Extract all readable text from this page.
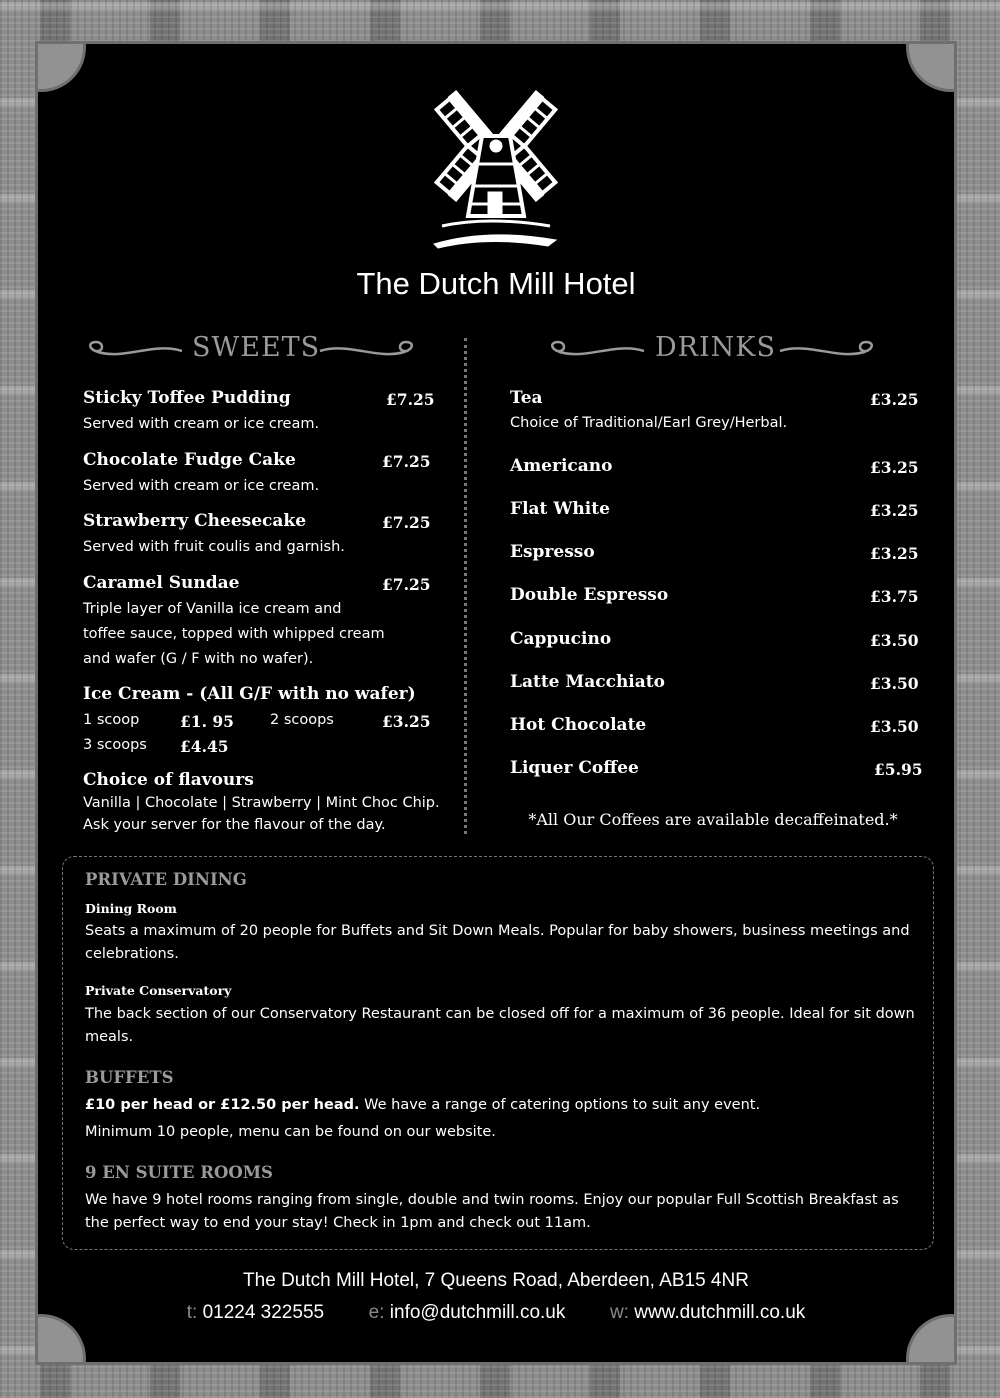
The Dutch Mill Hotel
SWEETS
Sticky Toffee Pudding	£7.25
Served with cream or ice cream.
Chocolate Fudge Cake	£7.25
Served with cream or ice cream.
Strawberry Cheesecake	£7.25
Served with fruit coulis and garnish.
Caramel Sundae	£7.25
Triple layer of Vanilla ice cream and
toffee sauce, topped with whipped cream
and wafer (G / F with no wafer).
Ice Cream - (All G/F with no wafer)
1 scoop	£1. 95 2 scoops	£3.25
3 scoops £4.45
Choice of flavours
Vanilla | Chocolate | Strawberry | Mint Choc Chip.
Ask your server for the flavour of the day.
DRINKS
Tea	£3.25
Choice of Traditional/Earl Grey/Herbal.
Americano	£3.25
Flat White	£3.25
Espresso	£3.25
Double Espresso	£3.75
Cappucino	£3.50
Latte Macchiato	£3.50
Hot Chocolate	£3.50
Liquer Coffee	£5.95
*All Our Coffees are available decaffeinated.*
PRIVATE DINING
Dining Room
Seats a maximum of 20 people for Buffets and Sit Down Meals. Popular for baby showers, business meetings and celebrations.
Private Conservatory
The back section of our Conservatory Restaurant can be closed off for a maximum of 36 people. Ideal for sit down meals.
BUFFETS
£10 per head or £12.50 per head. We have a range of catering options to suit any event.
Minimum 10 people, menu can be found on our website.
9 EN SUITE ROOMS
We have 9 hotel rooms ranging from single, double and twin rooms. Enjoy our popular Full Scottish Breakfast as the perfect way to end your stay! Check in 1pm and check out 11am.
The Dutch Mill Hotel, 7 Queens Road, Aberdeen, AB15 4NR
t: 01224 322555 e: info@dutchmill.co.uk w: www.dutchmill.co.uk
